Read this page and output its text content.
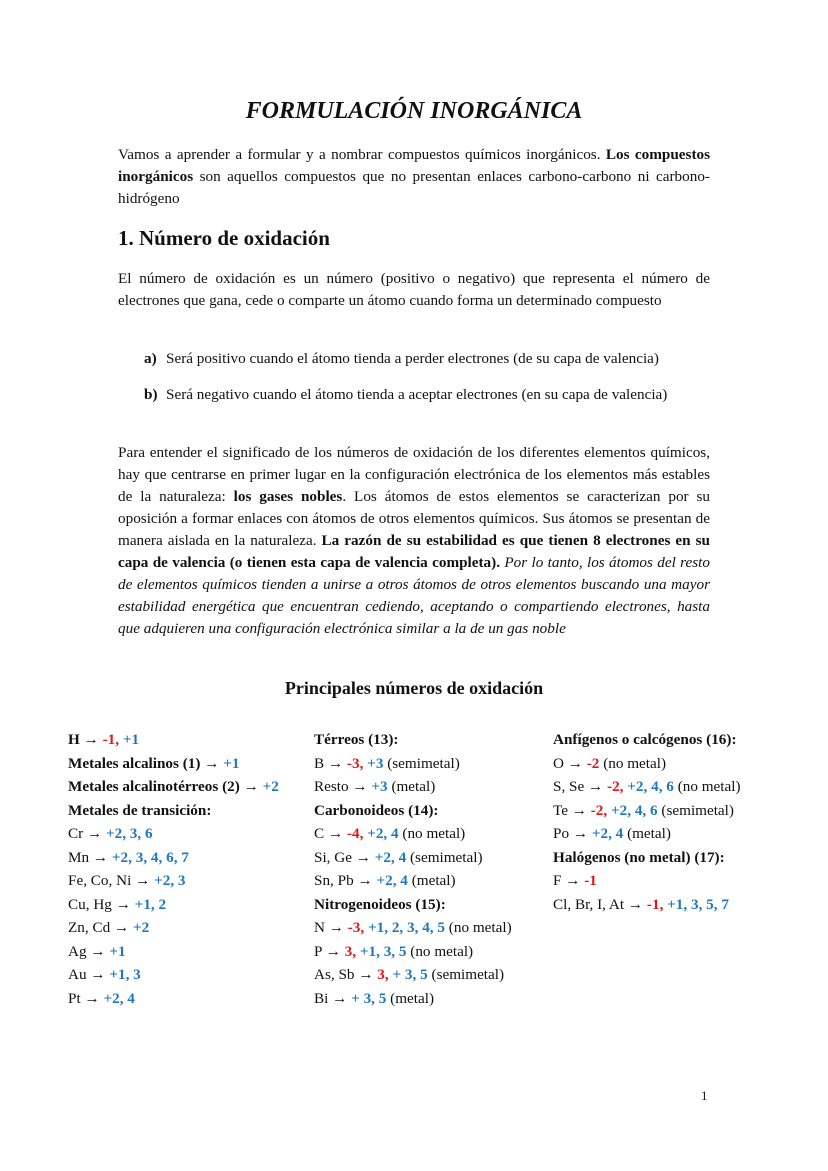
FORMULACIÓN INORGÁNICA

Vamos a aprender a formular y a nombrar compuestos químicos inorgánicos. Los compuestos inorgánicos son aquellos compuestos que no presentan enlaces carbono-carbono ni carbono-hidrógeno

1. Número de oxidación

El número de oxidación es un número (positivo o negativo) que representa el número de electrones que gana, cede o comparte un átomo cuando forma un determinado compuesto

a) Será positivo cuando el átomo tienda a perder electrones (de su capa de valencia)
b) Será negativo cuando el átomo tienda a aceptar electrones (en su capa de valencia)

Para entender el significado de los números de oxidación de los diferentes elementos químicos, hay que centrarse en primer lugar en la configuración electrónica de los elementos más estables de la naturaleza: los gases nobles. Los átomos de estos elementos se caracterizan por su oposición a formar enlaces con átomos de otros elementos químicos. Sus átomos se presentan de manera aislada en la naturaleza. La razón de su estabilidad es que tienen 8 electrones en su capa de valencia (o tienen esta capa de valencia completa). Por lo tanto, los átomos del resto de elementos químicos tienden a unirse a otros átomos de otros elementos buscando una mayor estabilidad energética que encuentran cediendo, aceptando o compartiendo electrones, hasta que adquieren una configuración electrónica similar a la de un gas noble

Principales números de oxidación
H → -1, +1
Metales alcalinos (1) → +1
Metales alcalinotérreos (2) → +2
Metales de transición:
Cr → +2, 3, 6
Mn → +2, 3, 4, 6, 7
Fe, Co, Ni → +2, 3
Cu, Hg → +1, 2
Zn, Cd → +2
Ag → +1
Au → +1, 3
Pt → +2, 4
Térreos (13):
B → -3, +3 (semimetal)
Resto → +3 (metal)
Carbonoideos (14):
C → -4, +2, 4 (no metal)
Si, Ge → +2, 4 (semimetal)
Sn, Pb → +2, 4 (metal)
Nitrogenoideos (15):
N → -3, +1, 2, 3, 4, 5 (no metal)
P → 3, +1, 3, 5 (no metal)
As, Sb → 3, + 3, 5 (semimetal)
Bi → + 3, 5 (metal)
Anfígenos o calcógenos (16):
O → -2 (no metal)
S, Se → -2, +2, 4, 6 (no metal)
Te → -2, +2, 4, 6 (semimetal)
Po → +2, 4 (metal)
Halógenos (no metal) (17):
F → -1
Cl, Br, I, At → -1, +1, 3, 5, 7
1
